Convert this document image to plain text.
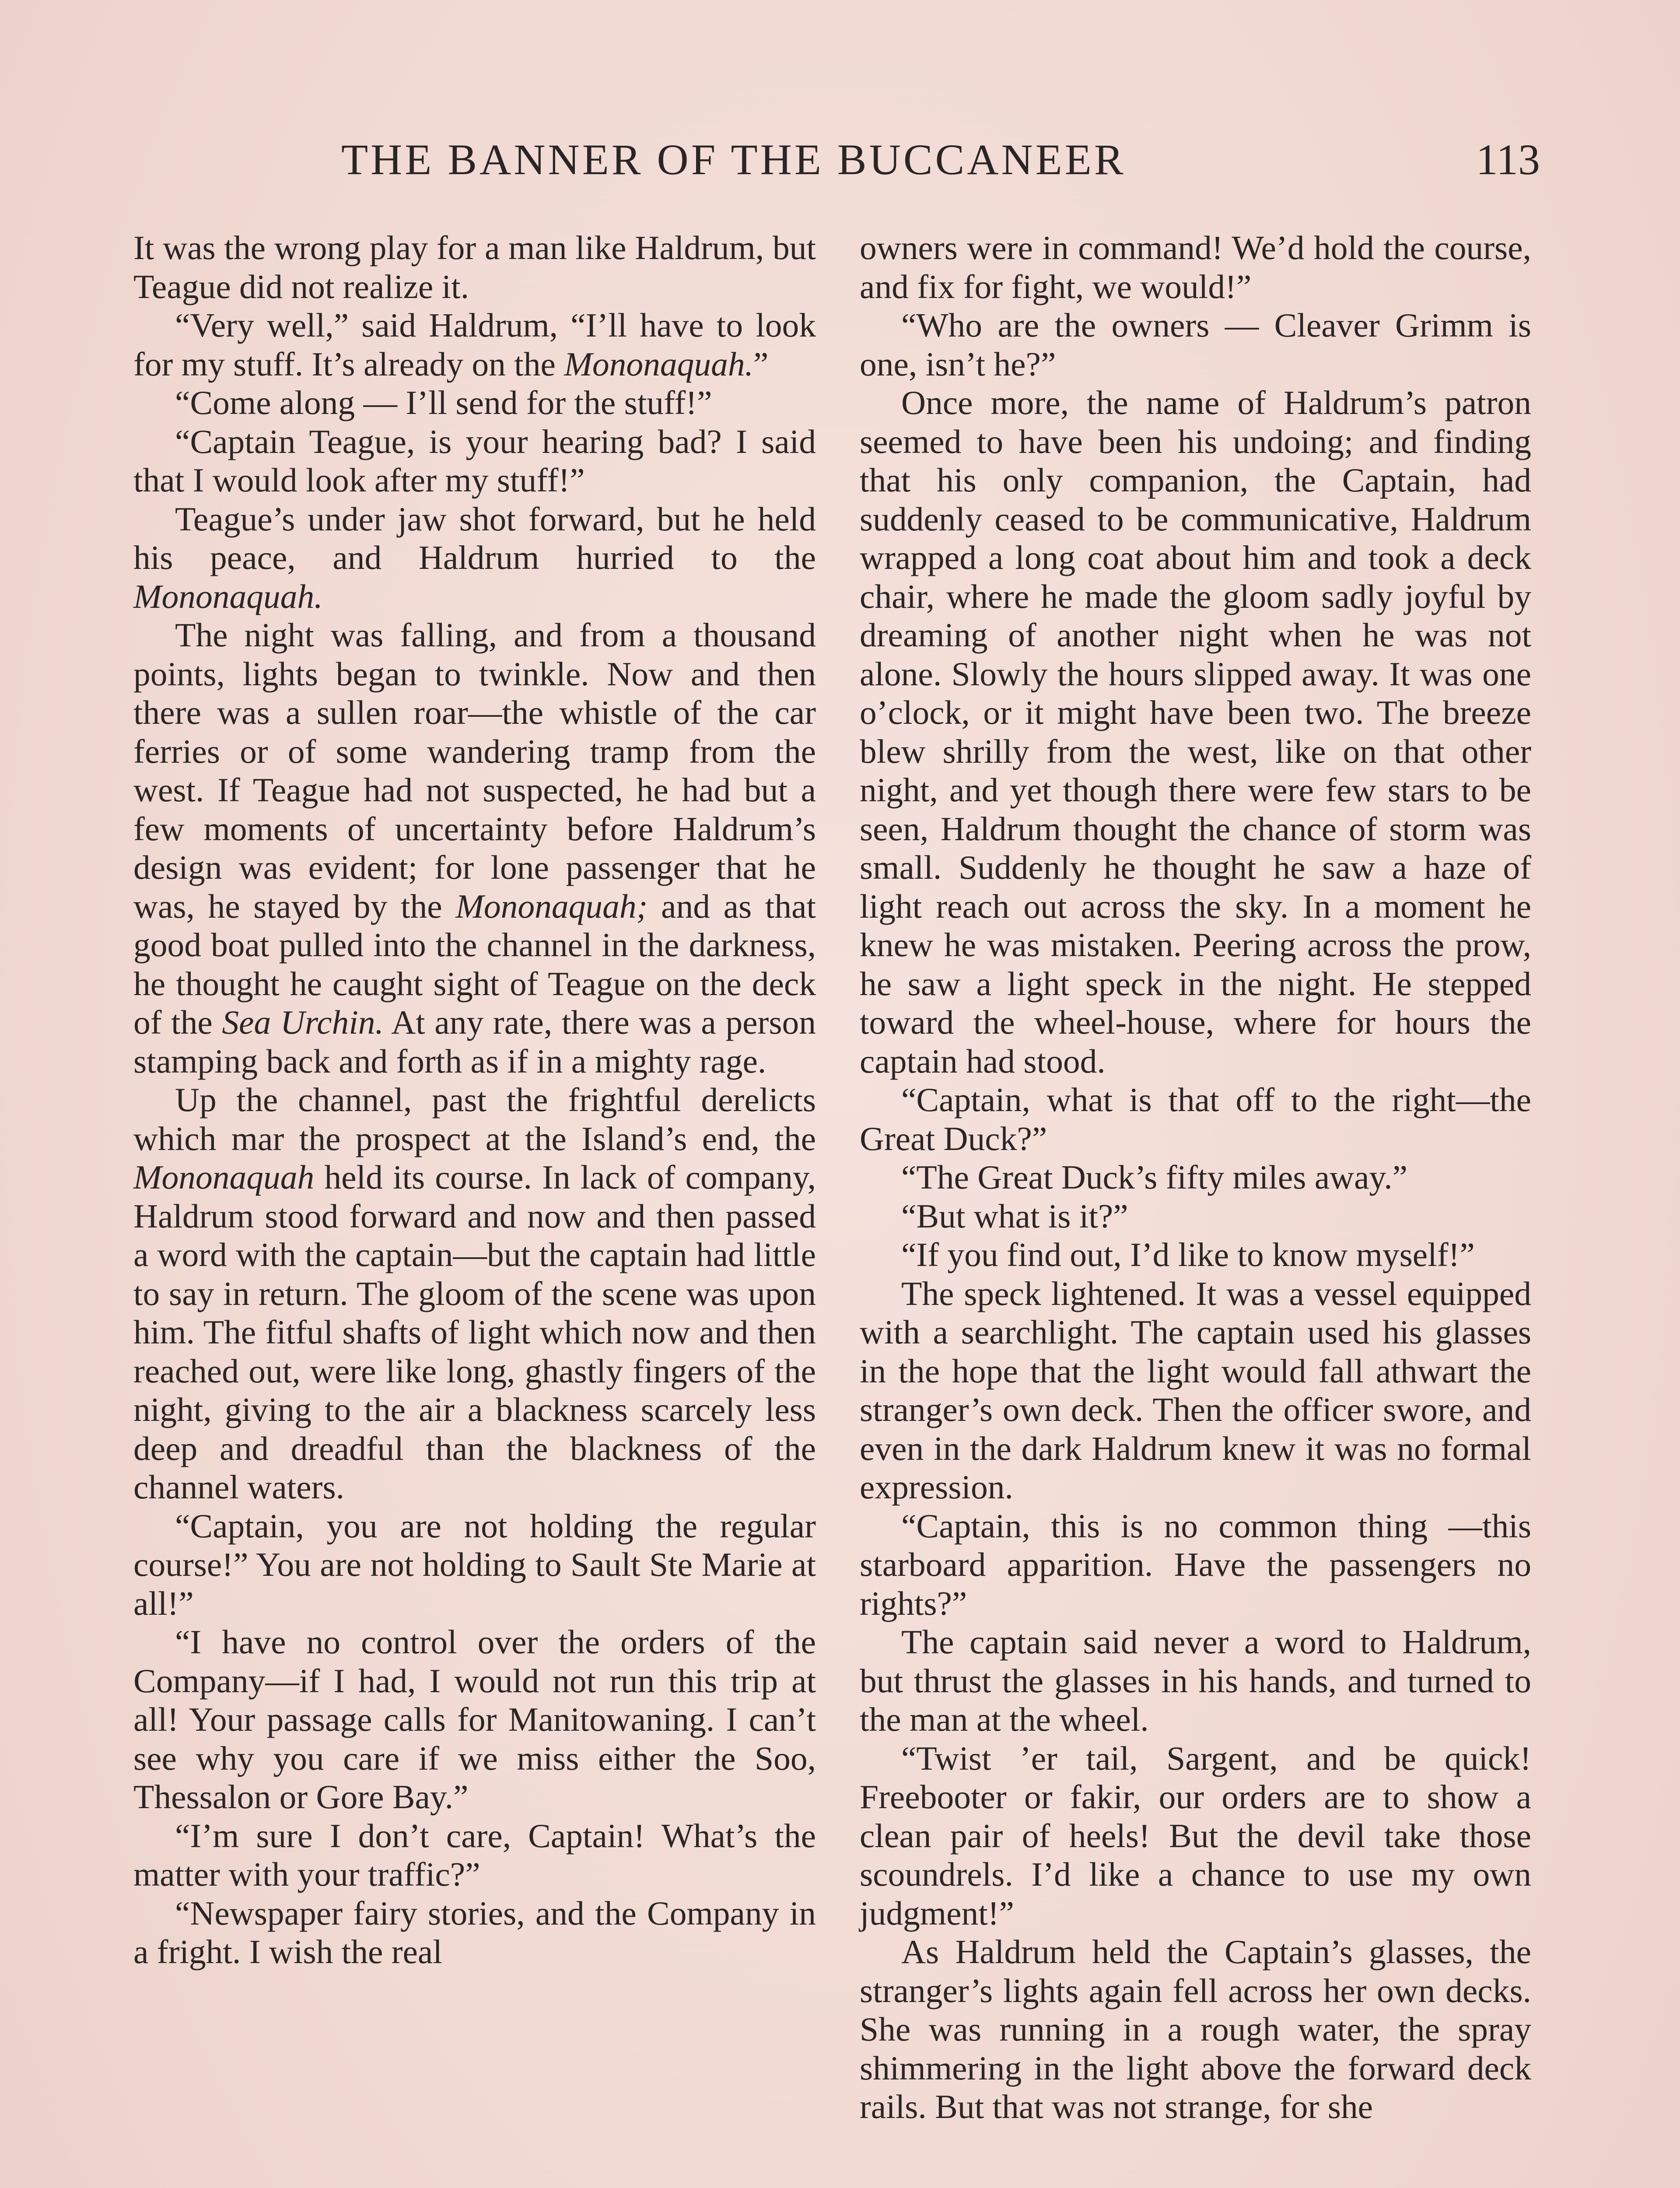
THE BANNER OF THE BUCCANEER	113

It was the wrong play for a man like Haldrum, but Teague did not realize it.

“Very well,” said Haldrum, “I’ll have to look for my stuff. It’s already on the Mononaquah.”

“Come along — I’ll send for the stuff!”

“Captain Teague, is your hearing bad? I said that I would look after my stuff!”

Teague’s under jaw shot forward, but he held his peace, and Haldrum hurried to the Mononaquah.

The night was falling, and from a thousand points, lights began to twinkle. Now and then there was a sullen roar—the whistle of the car ferries or of some wandering tramp from the west. If Teague had not suspected, he had but a few moments of uncertainty before Haldrum’s design was evident; for lone passenger that he was, he stayed by the Mononaquah; and as that good boat pulled into the channel in the darkness, he thought he caught sight of Teague on the deck of the Sea Urchin. At any rate, there was a person stamping back and forth as if in a mighty rage.

Up the channel, past the frightful derelicts which mar the prospect at the Island’s end, the Mononaquah held its course. In lack of company, Haldrum stood forward and now and then passed a word with the captain—but the captain had little to say in return. The gloom of the scene was upon him. The fitful shafts of light which now and then reached out, were like long, ghastly fingers of the night, giving to the air a blackness scarcely less deep and dreadful than the blackness of the channel waters.

“Captain, you are not holding the regular course!” You are not holding to Sault Ste Marie at all!”

“I have no control over the orders of the Company—if I had, I would not run this trip at all! Your passage calls for Manitowaning. I can’t see why you care if we miss either the Soo, Thessalon or Gore Bay.”

“I’m sure I don’t care, Captain! What’s the matter with your traffic?”

“Newspaper fairy stories, and the Company in a fright. I wish the real

owners were in command! We’d hold the course, and fix for fight, we would!”

“Who are the owners — Cleaver Grimm is one, isn’t he?”

Once more, the name of Haldrum’s patron seemed to have been his undoing; and finding that his only companion, the Captain, had suddenly ceased to be communicative, Haldrum wrapped a long coat about him and took a deck chair, where he made the gloom sadly joyful by dreaming of another night when he was not alone. Slowly the hours slipped away. It was one o’clock, or it might have been two. The breeze blew shrilly from the west, like on that other night, and yet though there were few stars to be seen, Haldrum thought the chance of storm was small. Suddenly he thought he saw a haze of light reach out across the sky. In a moment he knew he was mistaken. Peering across the prow, he saw a light speck in the night. He stepped toward the wheel-house, where for hours the captain had stood.

“Captain, what is that off to the right—the Great Duck?”

“The Great Duck’s fifty miles away.”

“But what is it?”

“If you find out, I’d like to know myself!”

The speck lightened. It was a vessel equipped with a searchlight. The captain used his glasses in the hope that the light would fall athwart the stranger’s own deck. Then the officer swore, and even in the dark Haldrum knew it was no formal expression.

“Captain, this is no common thing —this starboard apparition. Have the passengers no rights?”

The captain said never a word to Haldrum, but thrust the glasses in his hands, and turned to the man at the wheel.

“Twist ’er tail, Sargent, and be quick! Freebooter or fakir, our orders are to show a clean pair of heels! But the devil take those scoundrels. I’d like a chance to use my own judgment!”

As Haldrum held the Captain’s glasses, the stranger’s lights again fell across her own decks. She was running in a rough water, the spray shimmering in the light above the forward deck rails. But that was not strange, for she
